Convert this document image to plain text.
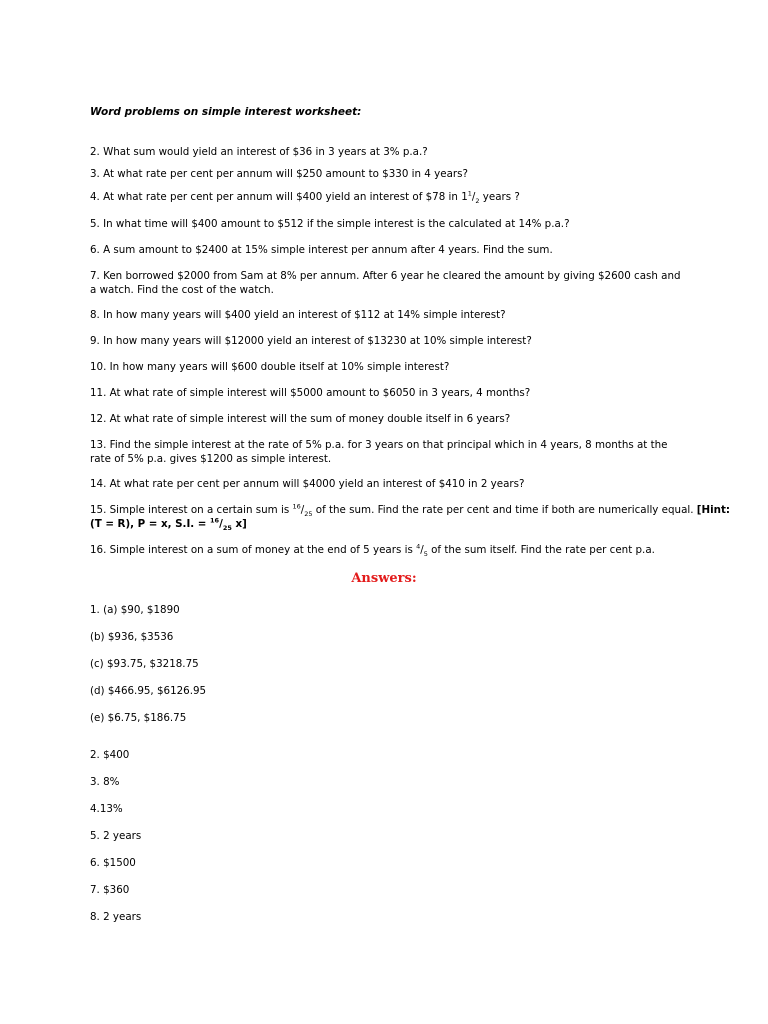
Word problems on simple interest worksheet:
2. What sum would yield an interest of $36 in 3 years at 3% p.a.?
3. At what rate per cent per annum will $250 amount to $330 in 4 years?
4. At what rate per cent per annum will $400 yield an interest of $78 in $1^1/_2$ years ?
5. In what time will $400 amount to $512 if the simple interest is the calculated at 14% p.a.?
6. A sum amount to $2400 at 15% simple interest per annum after 4 years. Find the sum.
7. Ken borrowed $2000 from Sam at 8% per annum. After 6 year he cleared the amount by giving $2600 cash and a watch. Find the cost of the watch.
8. In how many years will $400 yield an interest of $112 at 14% simple interest?
9. In how many years will $12000 yield an interest of $13230 at 10% simple interest?
10. In how many years will $600 double itself at 10% simple interest?
11. At what rate of simple interest will $5000 amount to $6050 in 3 years, 4 months?
12. At what rate of simple interest will the sum of money double itself in 6 years?
13. Find the simple interest at the rate of 5% p.a. for 3 years on that principal which in 4 years, 8 months at the rate of 5% p.a. gives $1200 as simple interest.
14. At what rate per cent per annum will $4000 yield an interest of $410 in 2 years?
15. Simple interest on a certain sum is $^{16}/_{25}$ of the sum. Find the rate per cent and time if both are numerically equal. [Hint:
(T = R), P = x, S.I. = $^{16}/_{25}$ x]
16. Simple interest on a sum of money at the end of 5 years is $^4/_5$ of the sum itself. Find the rate per cent p.a.
Answers:
1. (a) $90, $1890
(b) $936, $3536
(c) $93.75, $3218.75
(d) $466.95, $6126.95
(e) $6.75, $186.75
2. $400
3. 8%
4.13%
5. 2 years
6. $1500
7. $360
8. 2 years
